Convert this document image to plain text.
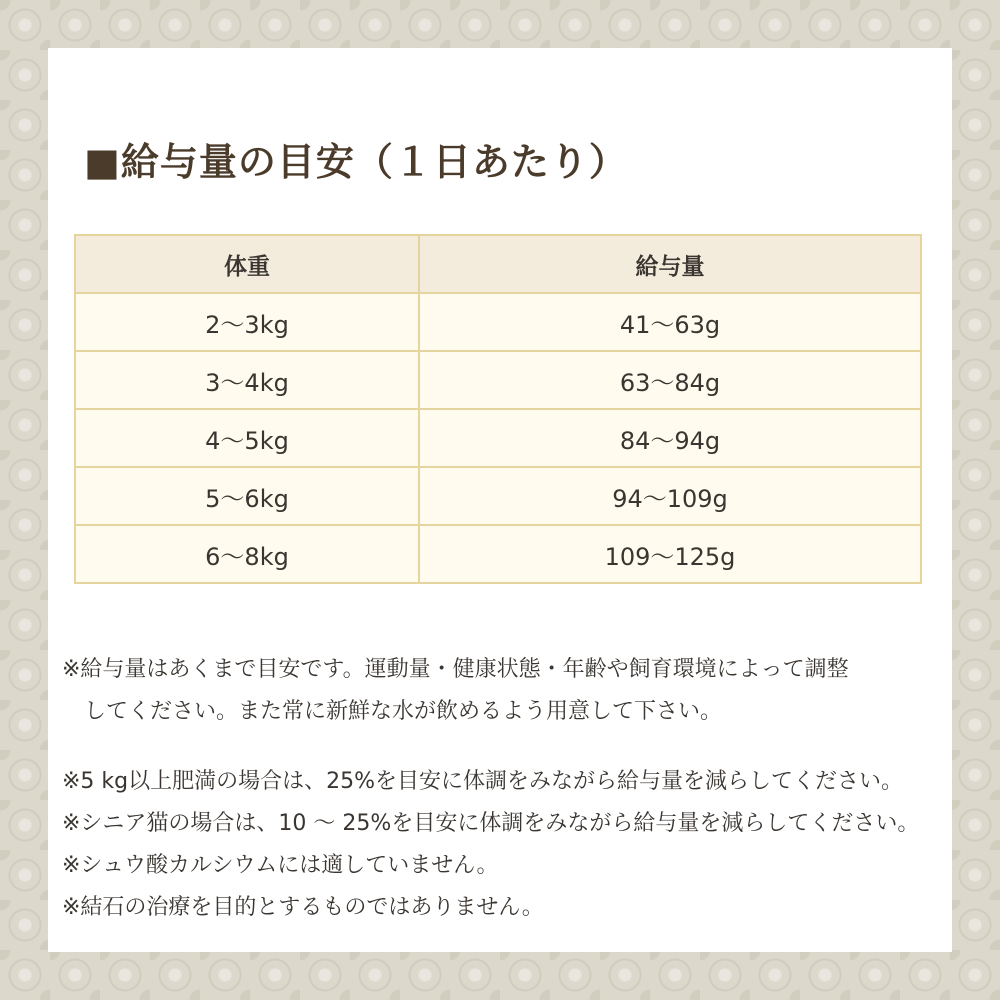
■給与量の目安（１日あたり）
体重	給与量
2〜3kg	41〜63g
3〜4kg	63〜84g
4〜5kg	84〜94g
5〜6kg	94〜109g
6〜8kg	109〜125g

※給与量はあくまで目安です。運動量・健康状態・年齢や飼育環境によって調整

してください。また常に新鮮な水が飲めるよう用意して下さい。

※5 kg以上肥満の場合は、25%を目安に体調をみながら給与量を減らしてください。

※シニア猫の場合は、10 〜 25%を目安に体調をみながら給与量を減らしてください。

※シュウ酸カルシウムには適していません。

※結石の治療を目的とするものではありません。
